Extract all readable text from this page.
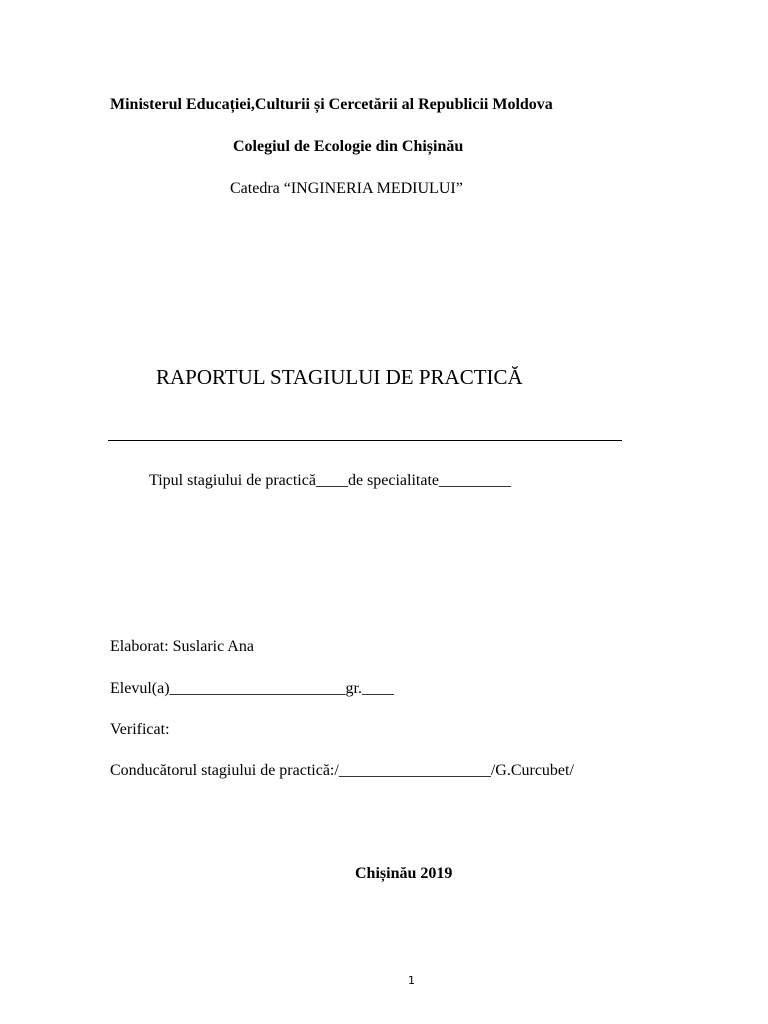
Ministerul Educației,Culturii și Cercetării al Republicii Moldova
Colegiul de Ecologie din Chișinău
Catedra “INGINERIA MEDIULUI”
RAPORTUL STAGIULUI DE PRACTICĂ
Tipul stagiului de practică____de specialitate_________
Elaborat: Suslaric Ana
Elevul(a)______________________gr.____
Verificat:
Conducătorul stagiului de practică:/___________________/G.Curcubet/
Chișinău 2019
1
